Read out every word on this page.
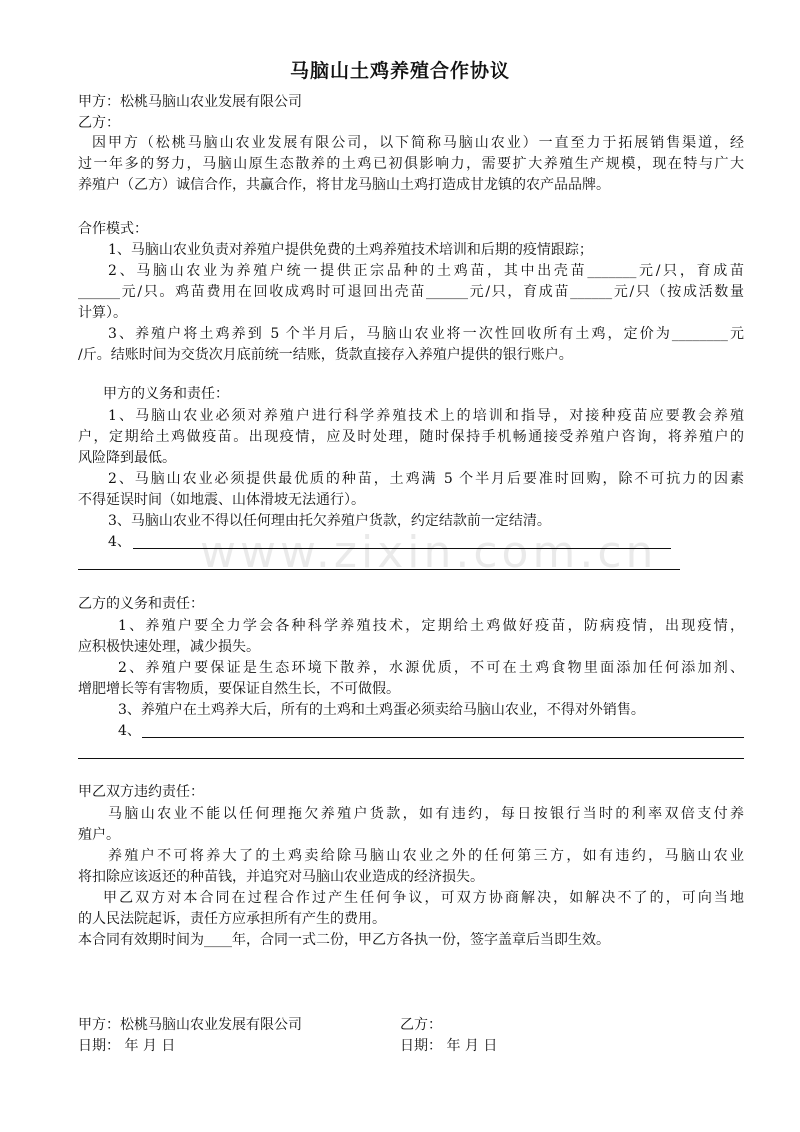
www.zixin.com.cn
马脑山土鸡养殖合作协议
甲方：松桃马脑山农业发展有限公司
乙方：
因甲方（松桃马脑山农业发展有限公司，以下简称马脑山农业）一直至力于拓展销售渠道，经
过一年多的努力，马脑山原生态散养的土鸡已初俱影响力，需要扩大养殖生产规模，现在特与广大
养殖户（乙方）诚信合作，共赢合作，将甘龙马脑山土鸡打造成甘龙镇的农产品品牌。
合作模式：
1、马脑山农业负责对养殖户提供免费的土鸡养殖技术培训和后期的疫情跟踪；
2、马脑山农业为养殖户统一提供正宗品种的土鸡苗，其中出壳苗_______元/只，育成苗
______元/只。鸡苗费用在回收成鸡时可退回出壳苗______元/只，育成苗______元/只（按成活数量
计算）。
3、养殖户将土鸡养到 5 个半月后，马脑山农业将一次性回收所有土鸡，定价为________元
/斤。结账时间为交货次月底前统一结账，货款直接存入养殖户提供的银行账户。
甲方的义务和责任：
1、马脑山农业必须对养殖户进行科学养殖技术上的培训和指导，对接种疫苗应要教会养殖
户，定期给土鸡做疫苗。出现疫情，应及时处理，随时保持手机畅通接受养殖户咨询，将养殖户的
风险降到最低。
2、马脑山农业必须提供最优质的种苗，土鸡满 5 个半月后要准时回购，除不可抗力的因素
不得延误时间（如地震、山体滑坡无法通行）。
3、马脑山农业不得以任何理由托欠养殖户货款，约定结款前一定结清。
4、
乙方的义务和责任：
1、养殖户要全力学会各种科学养殖技术，定期给土鸡做好疫苗，防病疫情，出现疫情，
应积极快速处理，减少损失。
2、养殖户要保证是生态环境下散养，水源优质，不可在土鸡食物里面添加任何添加剂、
增肥增长等有害物质，要保证自然生长，不可做假。
3、养殖户在土鸡养大后，所有的土鸡和土鸡蛋必须卖给马脑山农业，不得对外销售。
4、
甲乙双方违约责任：
马脑山农业不能以任何理拖欠养殖户货款，如有违约，每日按银行当时的利率双倍支付养
殖户。
养殖户不可将养大了的土鸡卖给除马脑山农业之外的任何第三方，如有违约，马脑山农业
将扣除应该返还的种苗钱，并追究对马脑山农业造成的经济损失。
甲乙双方对本合同在过程合作过产生任何争议，可双方协商解决，如解决不了的，可向当地
的人民法院起诉，责任方应承担所有产生的费用。
本合同有效期时间为____年，合同一式二份，甲乙方各执一份，签字盖章后当即生效。
甲方：松桃马脑山农业发展有限公司	乙方：
日期： 年 月 日	日期： 年 月 日
